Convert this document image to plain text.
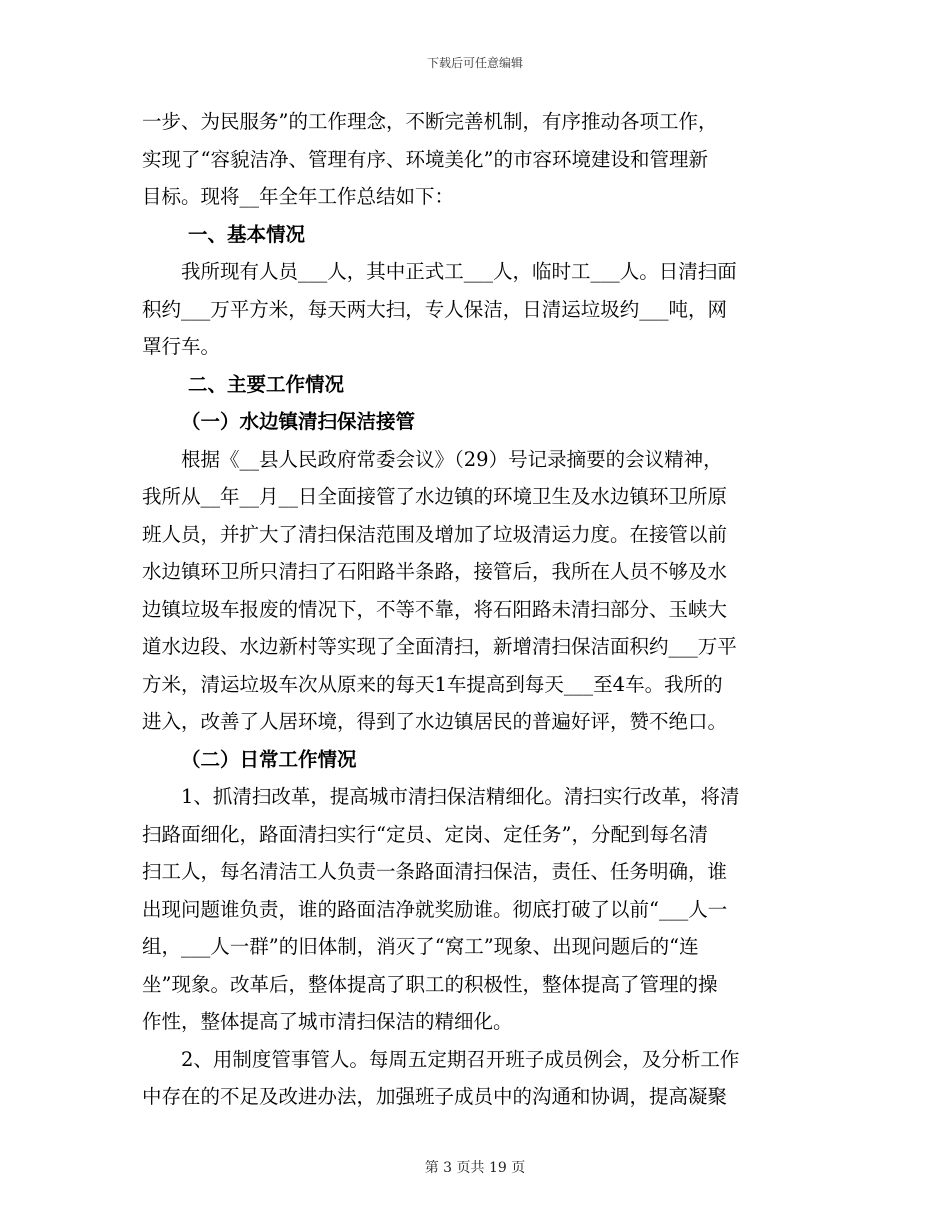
下载后可任意编辑
一步、为民服务”的工作理念，不断完善机制，有序推动各项工作，
实现了“容貌洁净、管理有序、环境美化”的市容环境建设和管理新
目标。现将__年全年工作总结如下：
一、基本情况
　　我所现有人员___人，其中正式工___人，临时工___人。日清扫面
积约___万平方米，每天两大扫，专人保洁，日清运垃圾约___吨，网
罩行车。
二、主要工作情况
（一）水边镇清扫保洁接管
　　根据《__县人民政府常委会议》（29）号记录摘要的会议精神，
我所从__年__月__日全面接管了水边镇的环境卫生及水边镇环卫所原
班人员，并扩大了清扫保洁范围及增加了垃圾清运力度。在接管以前
水边镇环卫所只清扫了石阳路半条路，接管后，我所在人员不够及水
边镇垃圾车报废的情况下，不等不靠，将石阳路未清扫部分、玉峡大
道水边段、水边新村等实现了全面清扫，新增清扫保洁面积约___万平
方米，清运垃圾车次从原来的每天1车提高到每天___至4车。我所的
进入，改善了人居环境，得到了水边镇居民的普遍好评，赞不绝口。
（二）日常工作情况
　　1、抓清扫改革，提高城市清扫保洁精细化。清扫实行改革，将清
扫路面细化，路面清扫实行“定员、定岗、定任务”，分配到每名清
扫工人，每名清洁工人负责一条路面清扫保洁，责任、任务明确，谁
出现问题谁负责，谁的路面洁净就奖励谁。彻底打破了以前“___人一
组，___人一群”的旧体制，消灭了“窝工”现象、出现问题后的“连
坐”现象。改革后，整体提高了职工的积极性，整体提高了管理的操
作性，整体提高了城市清扫保洁的精细化。
　　2、用制度管事管人。每周五定期召开班子成员例会，及分析工作
中存在的不足及改进办法，加强班子成员中的沟通和协调，提高凝聚
第 3 页共 19 页
